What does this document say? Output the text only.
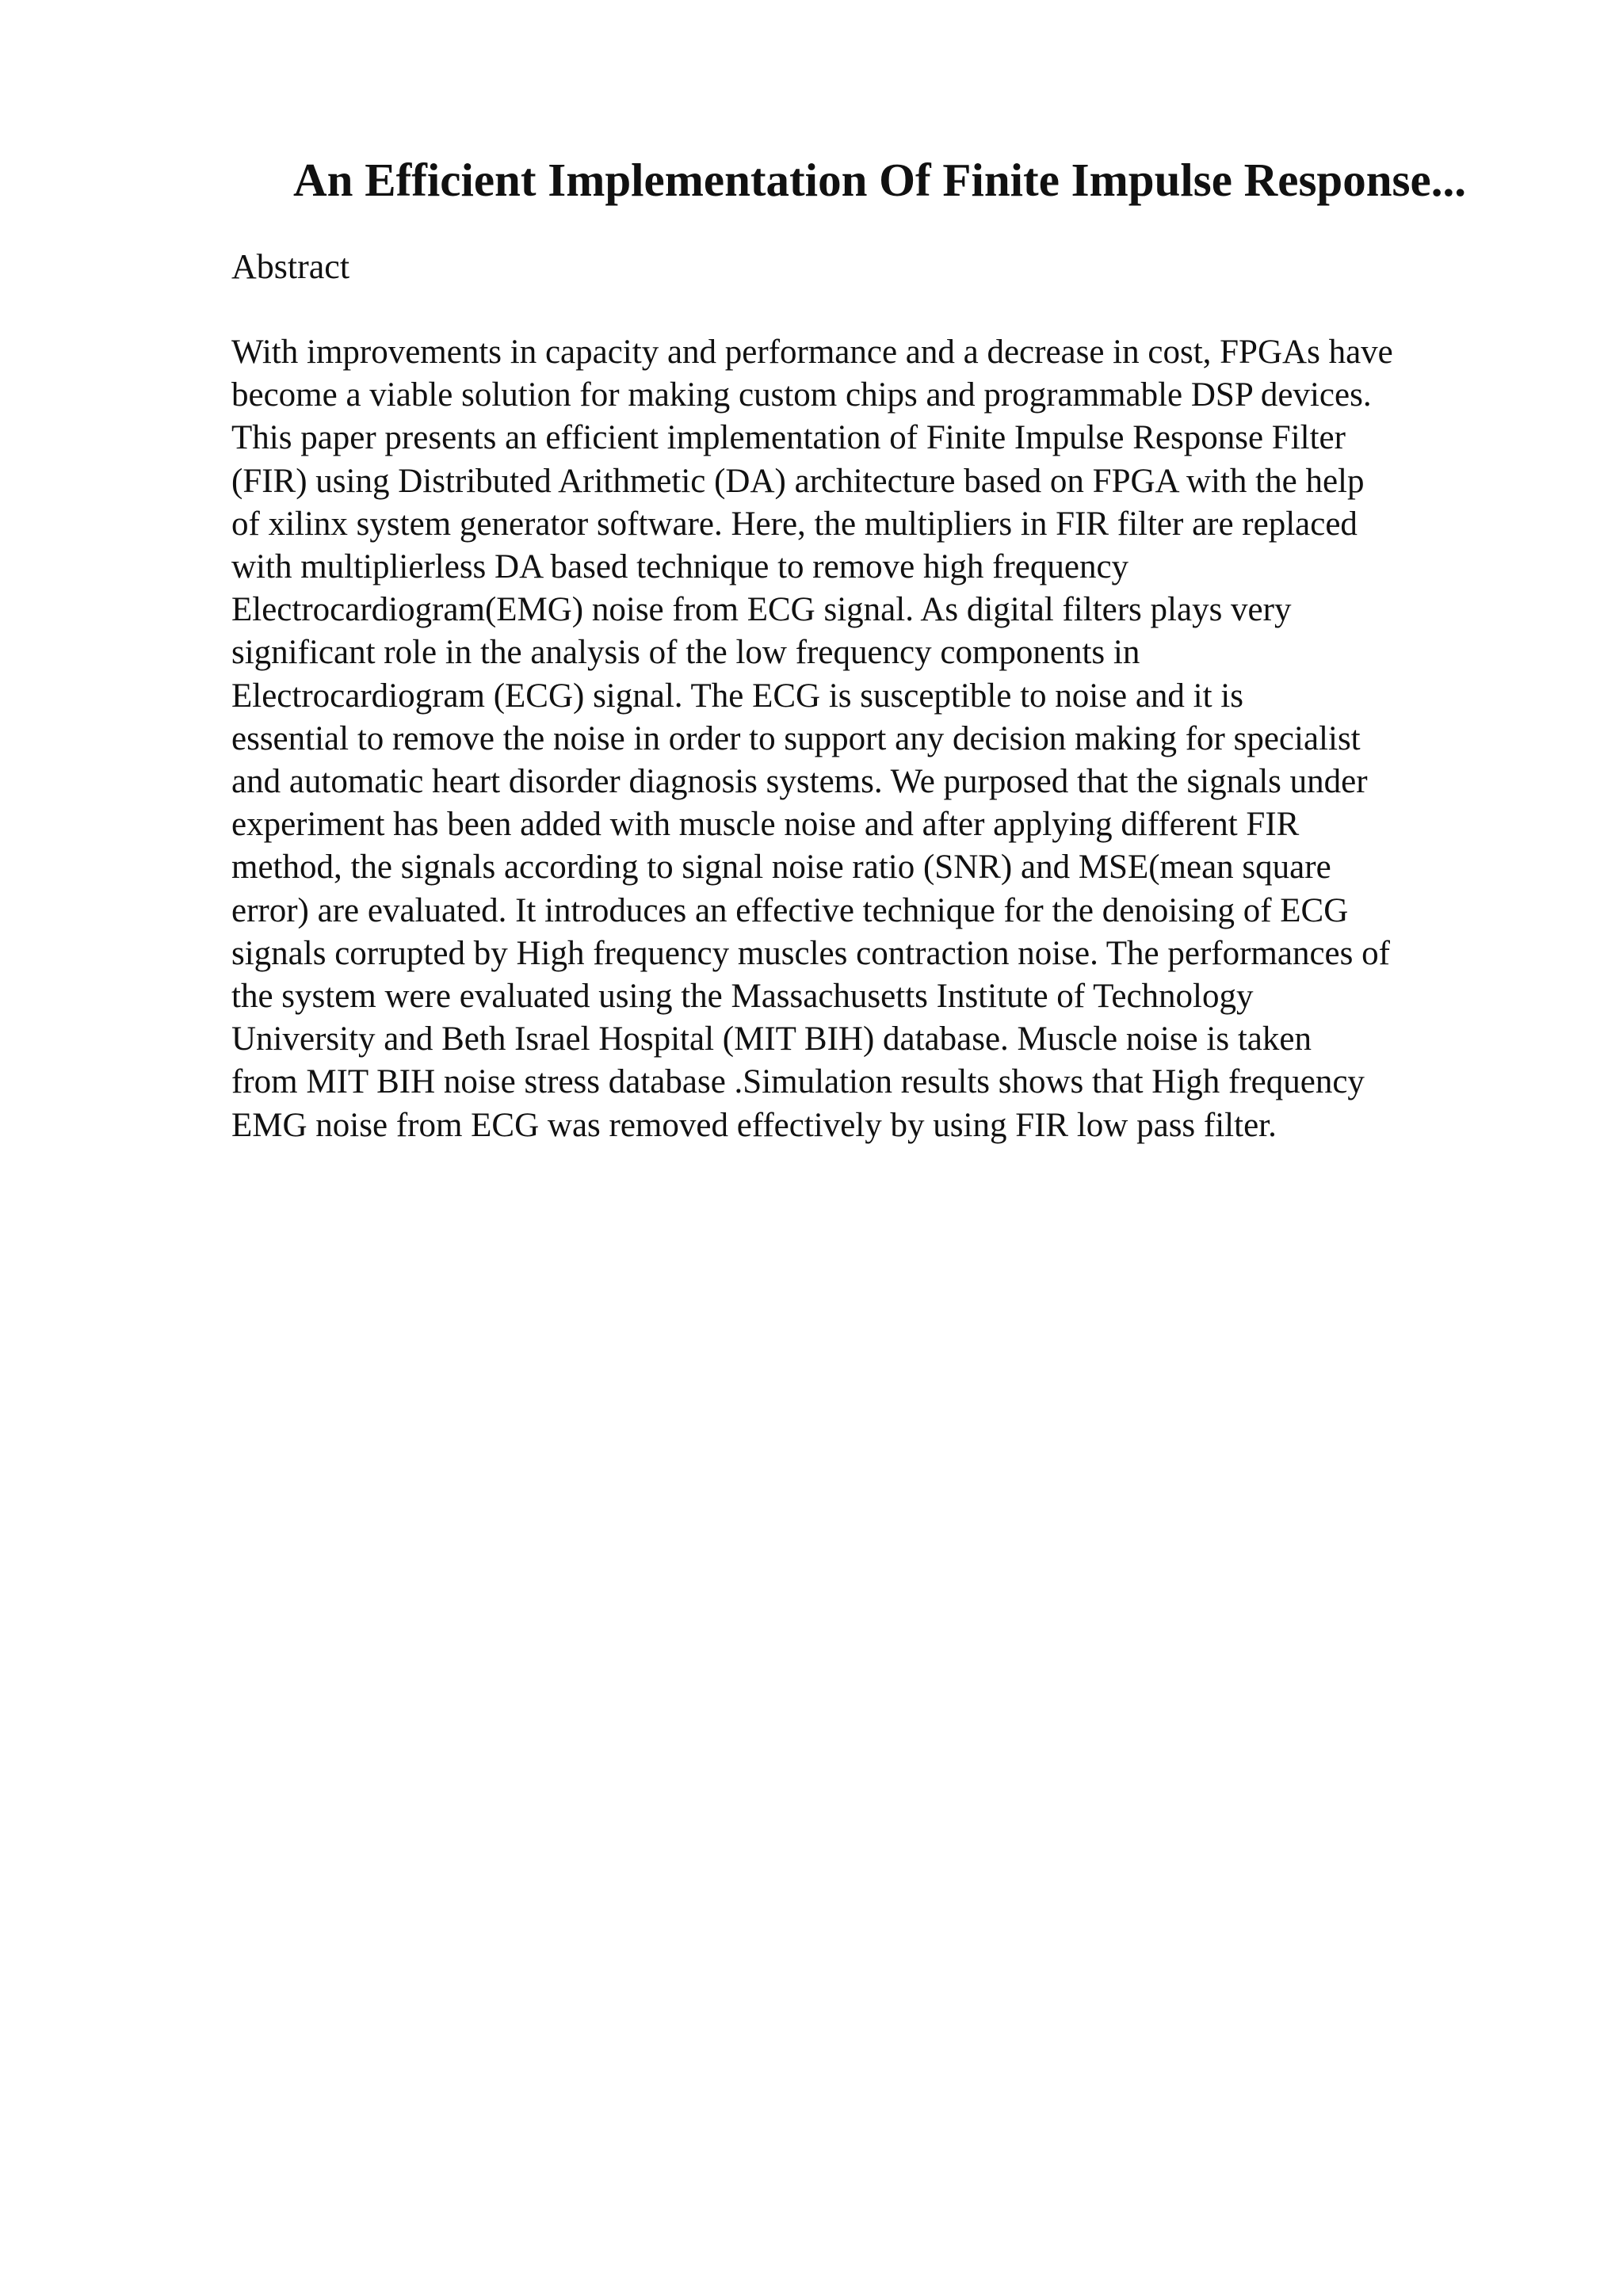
An Efficient Implementation Of Finite Impulse Response...
Abstract
With improvements in capacity and performance and a decrease in cost, FPGAs have
become a viable solution for making custom chips and programmable DSP devices.
This paper presents an efficient implementation of Finite Impulse Response Filter
(FIR) using Distributed Arithmetic (DA) architecture based on FPGA with the help
of xilinx system generator software. Here, the multipliers in FIR filter are replaced
with multiplierless DA based technique to remove high frequency
Electrocardiogram(EMG) noise from ECG signal. As digital filters plays very
significant role in the analysis of the low frequency components in
Electrocardiogram (ECG) signal. The ECG is susceptible to noise and it is
essential to remove the noise in order to support any decision making for specialist
and automatic heart disorder diagnosis systems. We purposed that the signals under
experiment has been added with muscle noise and after applying different FIR
method, the signals according to signal noise ratio (SNR) and MSE(mean square
error) are evaluated. It introduces an effective technique for the denoising of ECG
signals corrupted by High frequency muscles contraction noise. The performances of
the system were evaluated using the Massachusetts Institute of Technology
University and Beth Israel Hospital (MIT BIH) database. Muscle noise is taken
from MIT BIH noise stress database .Simulation results shows that High frequency
EMG noise from ECG was removed effectively by using FIR low pass filter.
